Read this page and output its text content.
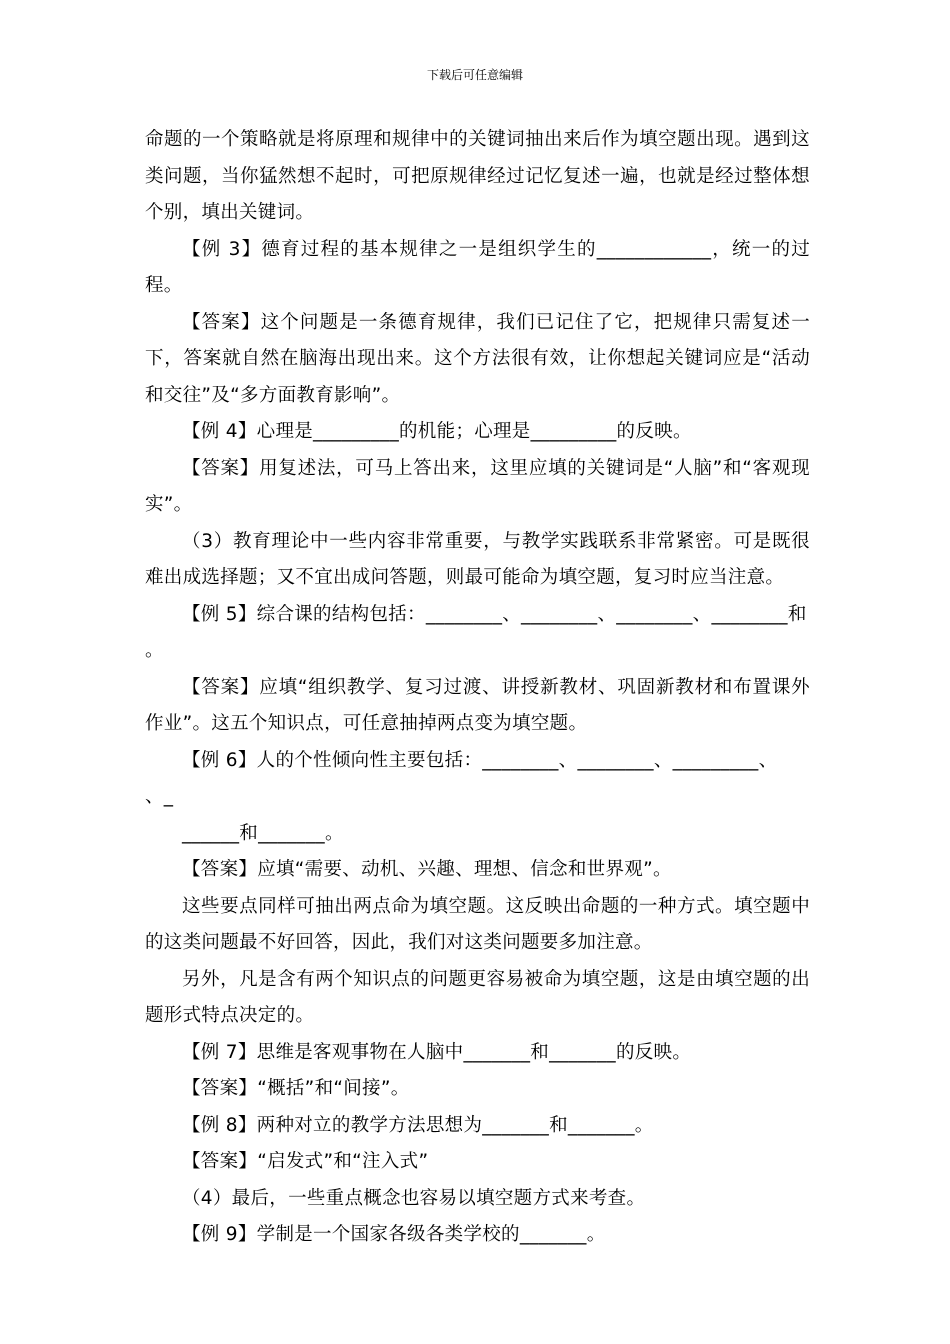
下载后可任意编辑

命题的一个策略就是将原理和规律中的关键词抽出来后作为填空题出现。遇到这类问题，当你猛然想不起时，可把原规律经过记忆复述一遍，也就是经过整体想个别，填出关键词。

【例 3】德育过程的基本规律之一是组织学生的____________，统一的过程。

【答案】这个问题是一条德育规律，我们已记住了它，把规律只需复述一下，答案就自然在脑海出现出来。这个方法很有效，让你想起关键词应是“活动和交往”及“多方面教育影响”。

【例 4】心理是_________的机能；心理是_________的反映。

【答案】用复述法，可马上答出来，这里应填的关键词是“人脑”和“客观现实”。

（3）教育理论中一些内容非常重要，与教学实践联系非常紧密。可是既很难出成选择题；又不宜出成问答题，则最可能命为填空题，复习时应当注意。

【例 5】综合课的结构包括：________、________、________、________和

。

【答案】应填“组织教学、复习过渡、讲授新教材、巩固新教材和布置课外作业”。这五个知识点，可任意抽掉两点变为填空题。

【例 6】人的个性倾向性主要包括：________、________、_________、

、_

______和_______。

【答案】应填“需要、动机、兴趣、理想、信念和世界观”。

这些要点同样可抽出两点命为填空题。这反映出命题的一种方式。填空题中的这类问题最不好回答，因此，我们对这类问题要多加注意。

另外，凡是含有两个知识点的问题更容易被命为填空题，这是由填空题的出题形式特点决定的。

【例 7】思维是客观事物在人脑中_______和_______的反映。

【答案】“概括”和“间接”。

【例 8】两种对立的教学方法思想为_______和_______。

【答案】“启发式”和“注入式”

（4）最后，一些重点概念也容易以填空题方式来考查。

【例 9】学制是一个国家各级各类学校的_______。
